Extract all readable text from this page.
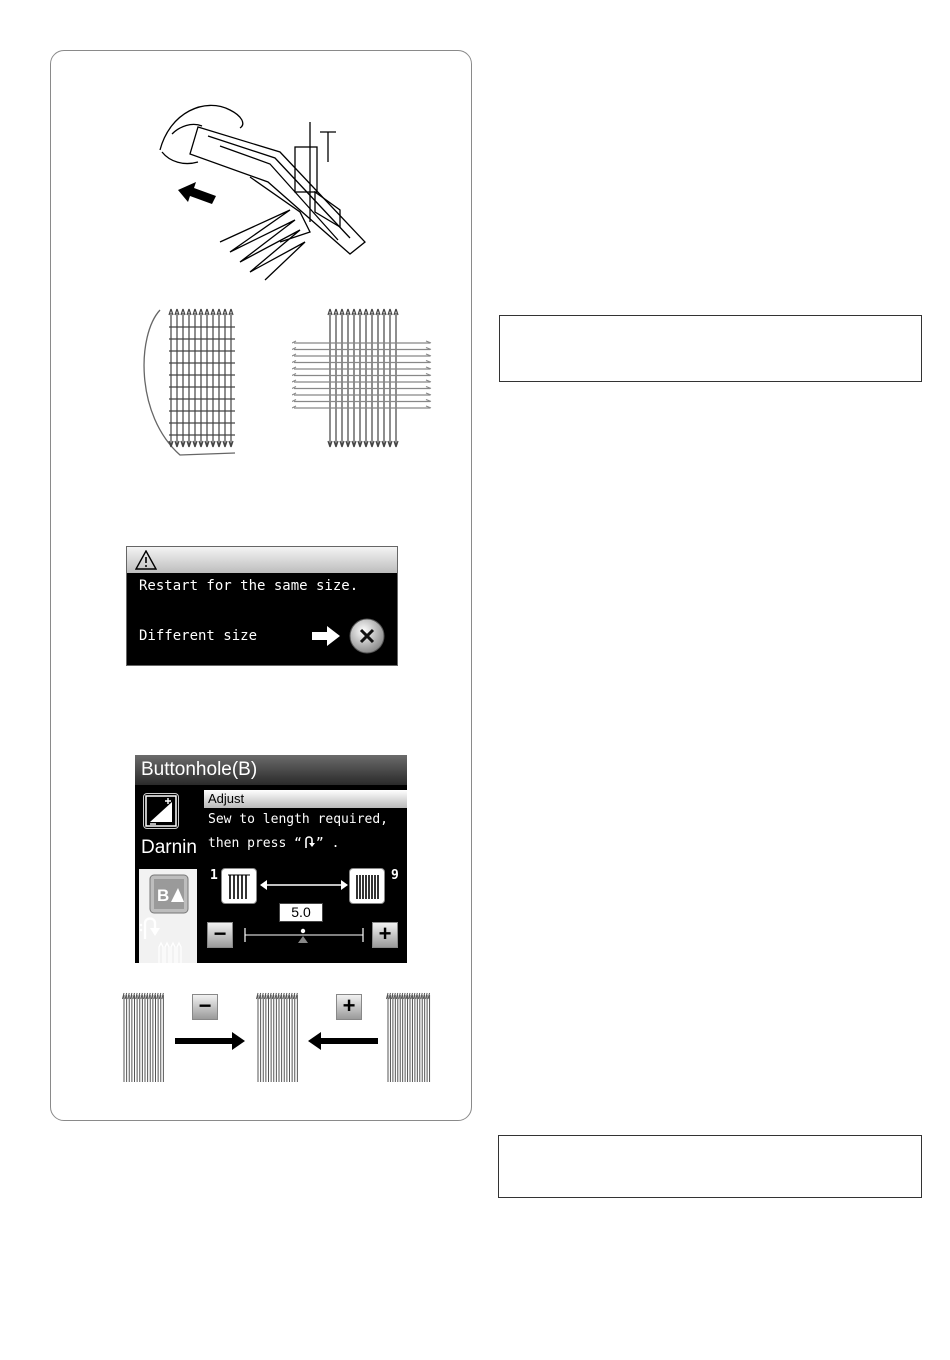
Restart for the same size.
Different size
Buttonhole(B)
Darnin
B
Adjust
Sew to length required,
then press “ ” .
1	9
−	+
5.0
−	+
